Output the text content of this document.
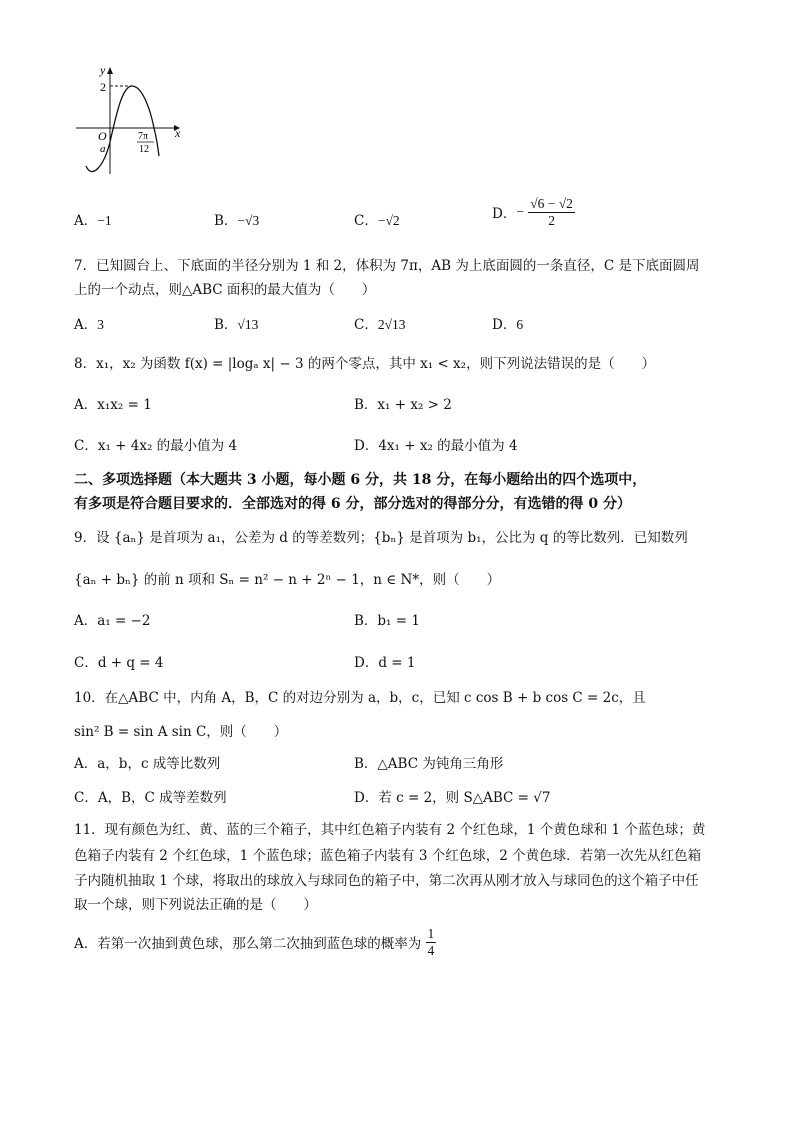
y
2
O
a
x
7π
12
A．−1	B．−√3	C．−√2	D．− $\frac{√6 - √2}{2}$
7．已知圆台上、下底面的半径分别为 1 和 2，体积为 7π，AB 为上底面圆的一条直径，C 是下底面圆周
上的一个动点，则△ABC 面积的最大值为（　　）
A．3	B．√13	C．2√13	D．6
8．x₁，x₂ 为函数 f(x) = |logₐ x| − 3 的两个零点，其中 x₁ < x₂，则下列说法错误的是（　　）
A．x₁x₂ = 1	B．x₁ + x₂ > 2
C．x₁ + 4x₂ 的最小值为 4	D．4x₁ + x₂ 的最小值为 4
二、多项选择题（本大题共 3 小题，每小题 6 分，共 18 分，在每小题给出的四个选项中，
有多项是符合题目要求的．全部选对的得 6 分，部分选对的得部分分，有选错的得 0 分）
9．设 {aₙ} 是首项为 a₁，公差为 d 的等差数列；{bₙ} 是首项为 b₁，公比为 q 的等比数列．已知数列
{aₙ + bₙ} 的前 n 项和 Sₙ = n² − n + 2ⁿ − 1，n ∈ N*，则（　　）
A．a₁ = −2	B．b₁ = 1
C．d + q = 4	D．d = 1
10．在△ABC 中，内角 A，B，C 的对边分别为 a，b，c，已知 c cos B + b cos C = 2c，且
sin² B = sin A sin C，则（　　）
A．a，b，c 成等比数列	B．△ABC 为钝角三角形
C．A，B，C 成等差数列	D．若 c = 2，则 S△ABC = √7
11．现有颜色为红、黄、蓝的三个箱子，其中红色箱子内装有 2 个红色球，1 个黄色球和 1 个蓝色球；黄
色箱子内装有 2 个红色球，1 个蓝色球；蓝色箱子内装有 3 个红色球，2 个黄色球．若第一次先从红色箱
子内随机抽取 1 个球，将取出的球放入与球同色的箱子中，第二次再从刚才放入与球同色的这个箱子中任
取一个球，则下列说法正确的是（　　）
A．若第一次抽到黄色球，那么第二次抽到蓝色球的概率为 $\frac{1}{4}$
